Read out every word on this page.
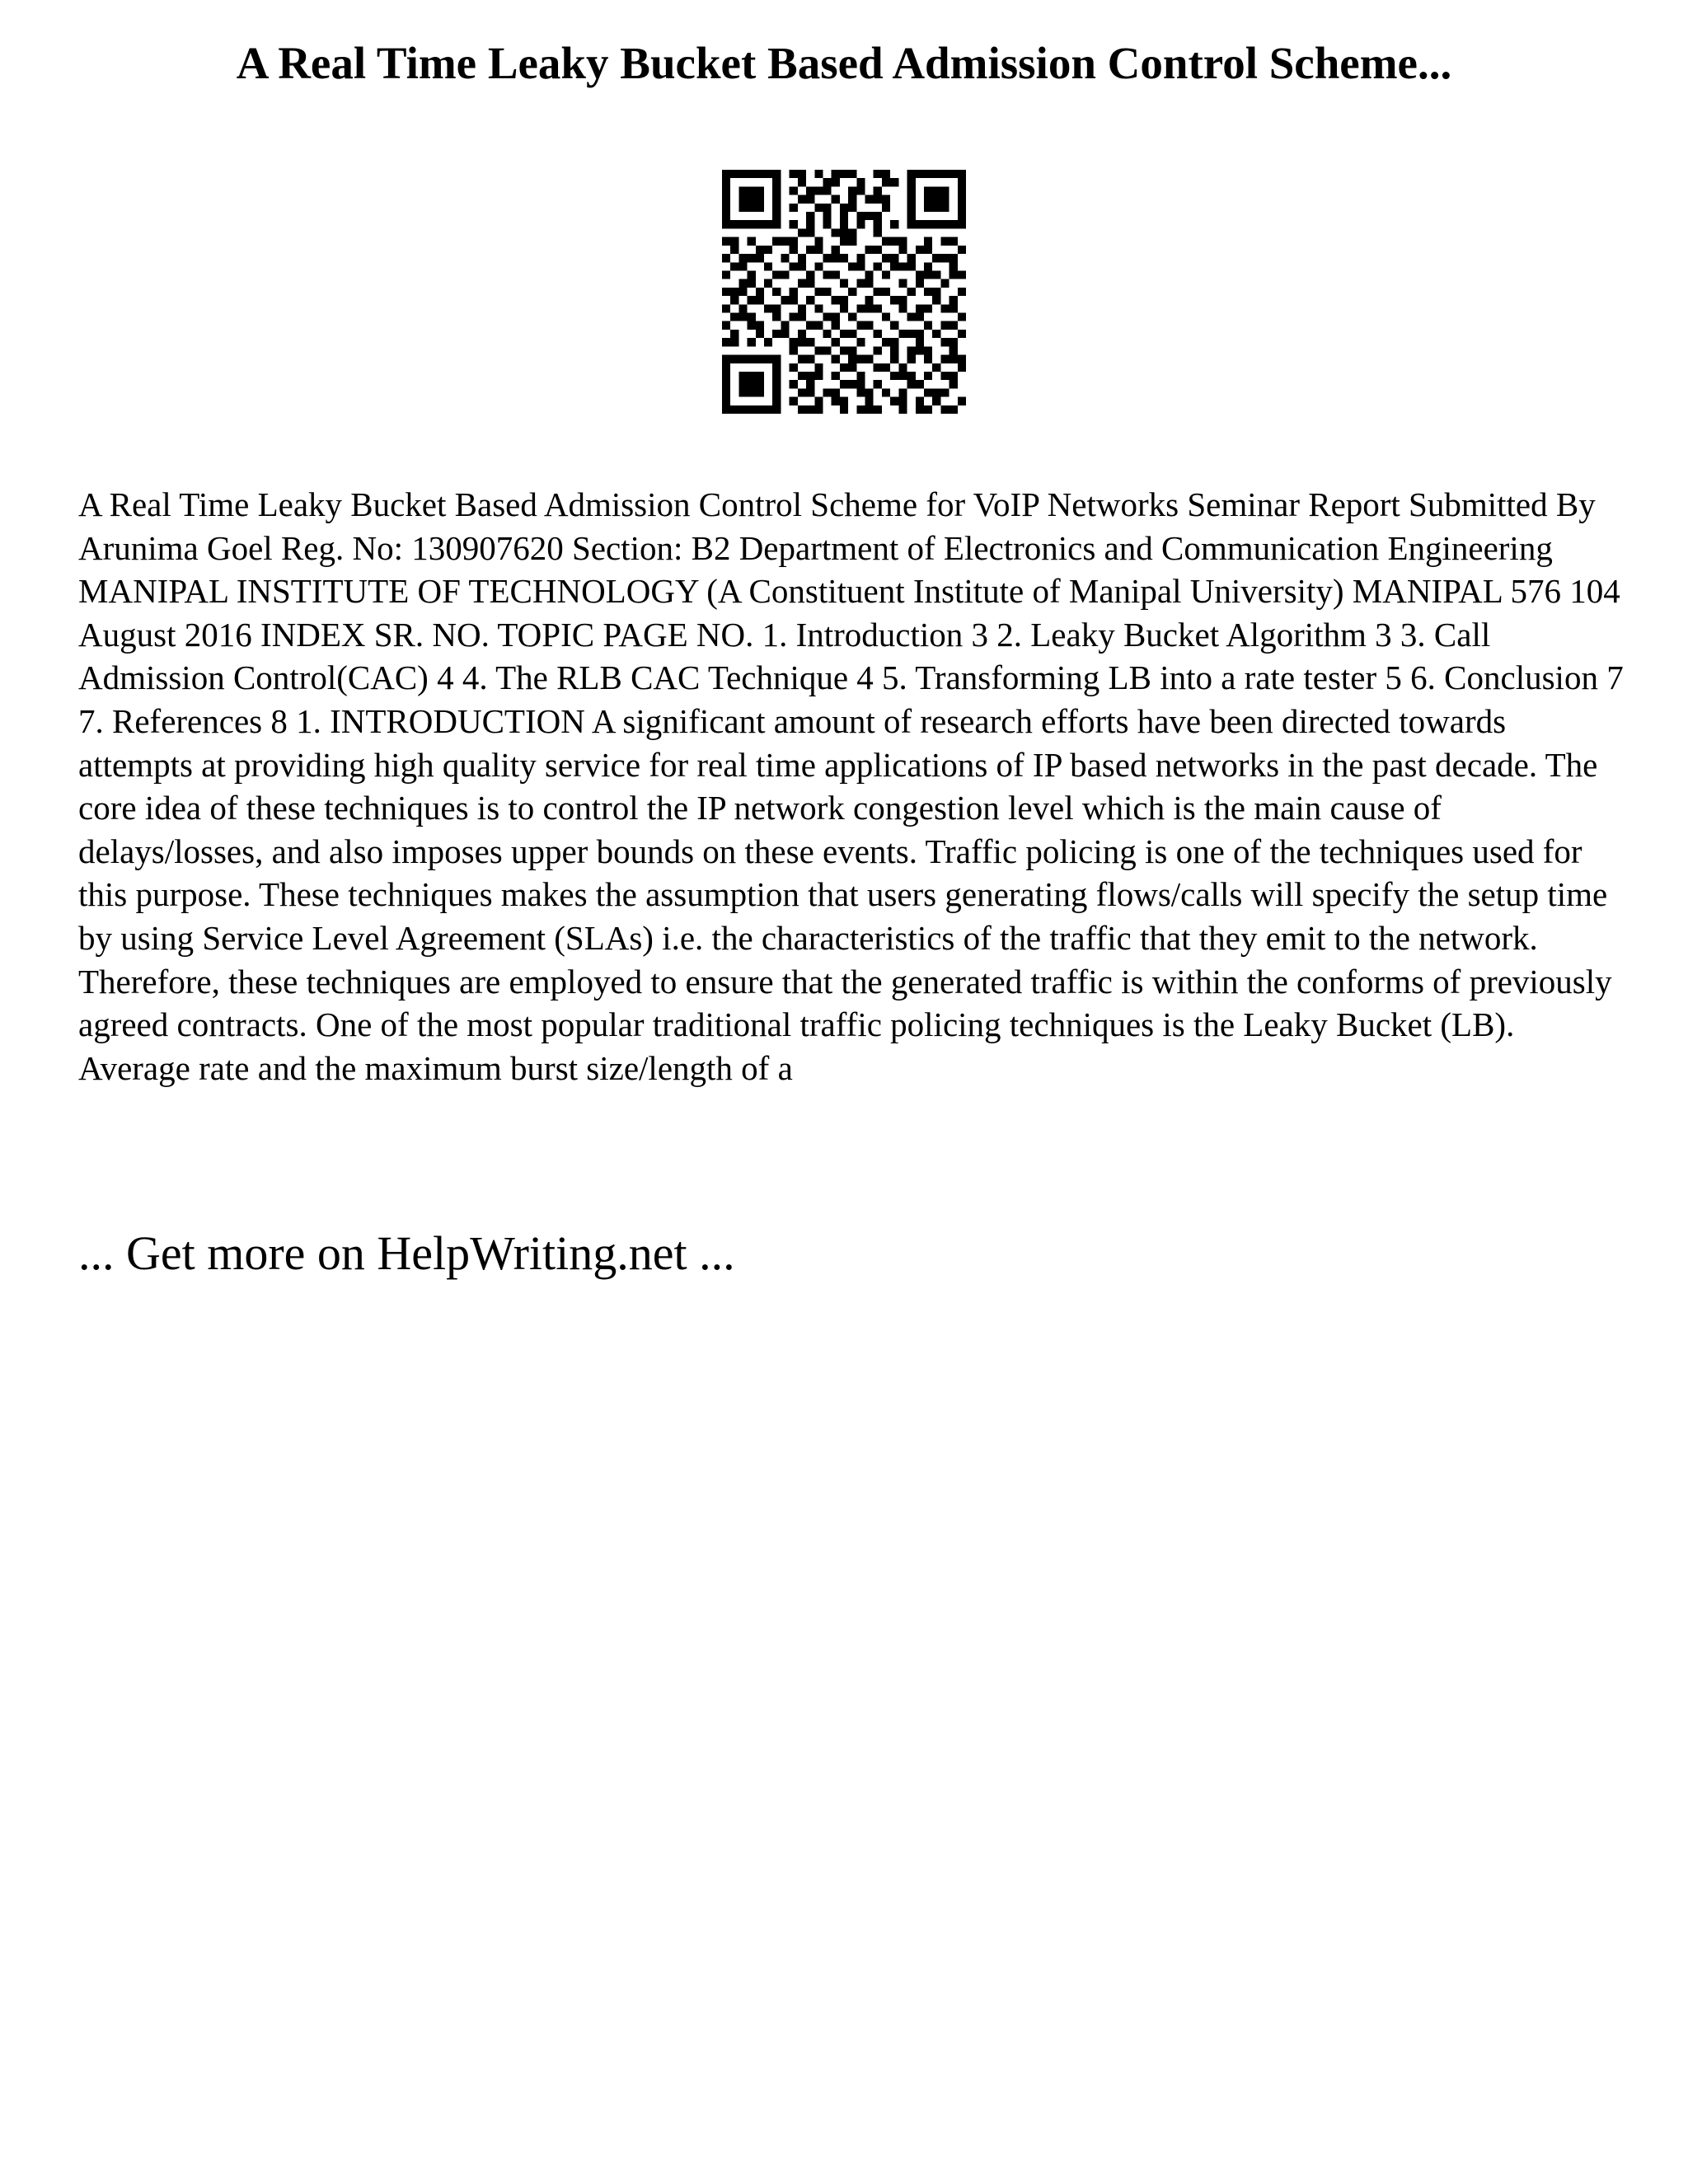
A Real Time Leaky Bucket Based Admission Control Scheme...

A Real Time Leaky Bucket Based Admission Control Scheme for VoIP Networks Seminar Report Submitted By Arunima Goel Reg. No: 130907620 Section: B2 Department of Electronics and Communication Engineering MANIPAL INSTITUTE OF TECHNOLOGY (A Constituent Institute of Manipal University) MANIPAL 576 104 August 2016 INDEX SR. NO. TOPIC PAGE NO. 1. Introduction 3 2. Leaky Bucket Algorithm 3 3. Call Admission Control(CAC) 4 4. The RLB CAC Technique 4 5. Transforming LB into a rate tester 5 6. Conclusion 7 7. References 8 1. INTRODUCTION A significant amount of research efforts have been directed towards attempts at providing high quality service for real time applications of IP based networks in the past decade. The core idea of these techniques is to control the IP network congestion level which is the main cause of delays/losses, and also imposes upper bounds on these events. Traffic policing is one of the techniques used for this purpose. These techniques makes the assumption that users generating flows/calls will specify the setup time by using Service Level Agreement (SLAs) i.e. the characteristics of the traffic that they emit to the network. Therefore, these techniques are employed to ensure that the generated traffic is within the conforms of previously agreed contracts. One of the most popular traditional traffic policing techniques is the Leaky Bucket (LB). Average rate and the maximum burst size/length of a

... Get more on HelpWriting.net ...
